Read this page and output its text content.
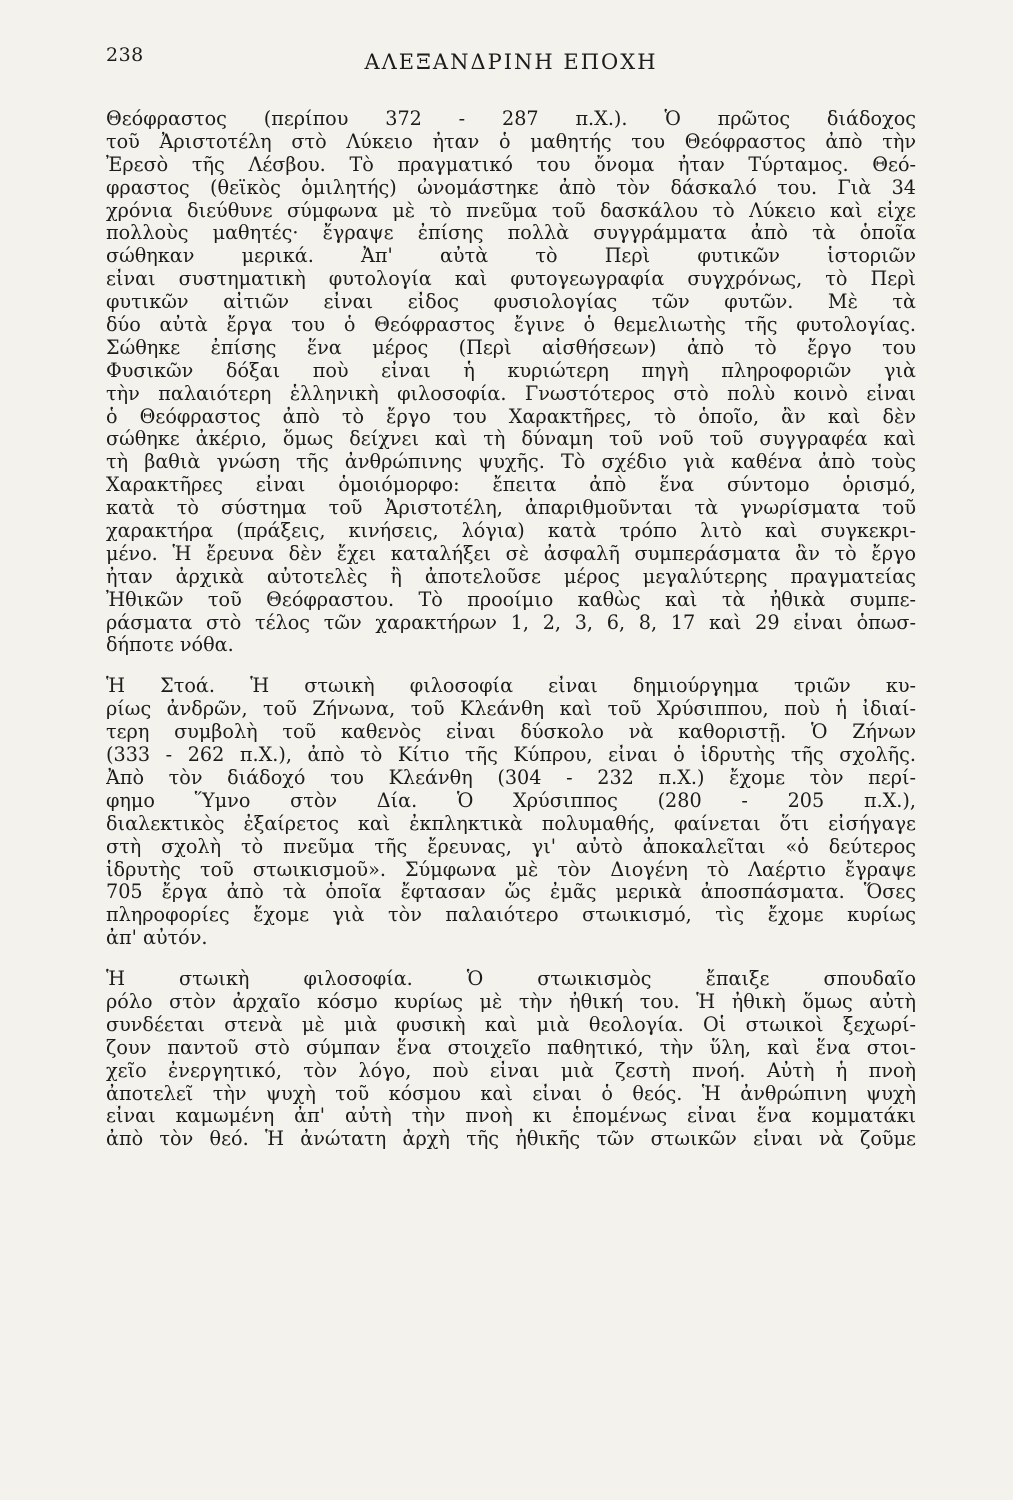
238	ΑΛΕΞΑΝΔΡΙΝΗ ΕΠΟΧΗ
Θεόφραστος (περίπου 372 - 287 π.Χ.). Ὁ πρῶτος διάδοχος
τοῦ Ἀριστοτέλη στὸ Λύκειο ἦταν ὁ μαθητής του Θεόφραστος ἀπὸ τὴν
Ἐρεσὸ τῆς Λέσβου. Τὸ πραγματικό του ὄνομα ἦταν Τύρταμος. Θεό-
φραστος (θεϊκὸς ὁμιλητής) ὠνομάστηκε ἀπὸ τὸν δάσκαλό του. Γιὰ 34
χρόνια διεύθυνε σύμφωνα μὲ τὸ πνεῦμα τοῦ δασκάλου τὸ Λύκειο καὶ εἶχε
πολλοὺς μαθητές· ἔγραψε ἐπίσης πολλὰ συγγράμματα ἀπὸ τὰ ὁποῖα
σώθηκαν μερικά. Ἀπ' αὐτὰ τὸ Περὶ φυτικῶν ἱστοριῶν
εἶναι συστηματικὴ φυτολογία καὶ φυτογεωγραφία συγχρόνως, τὸ Περὶ
φυτικῶν αἰτιῶν εἶναι εἶδος φυσιολογίας τῶν φυτῶν. Μὲ τὰ
δύο αὐτὰ ἔργα του ὁ Θεόφραστος ἔγινε ὁ θεμελιωτὴς τῆς φυτολογίας.
Σώθηκε ἐπίσης ἕνα μέρος (Περὶ αἰσθήσεων) ἀπὸ τὸ ἔργο του
Φυσικῶν δόξαι ποὺ εἶναι ἡ κυριώτερη πηγὴ πληροφοριῶν γιὰ
τὴν παλαιότερη ἑλληνικὴ φιλοσοφία. Γνωστότερος στὸ πολὺ κοινὸ εἶναι
ὁ Θεόφραστος ἀπὸ τὸ ἔργο του Χαρακτῆρες, τὸ ὁποῖο, ἂν καὶ δὲν
σώθηκε ἀκέριο, ὅμως δείχνει καὶ τὴ δύναμη τοῦ νοῦ τοῦ συγγραφέα καὶ
τὴ βαθιὰ γνώση τῆς ἀνθρώπινης ψυχῆς. Τὸ σχέδιο γιὰ καθένα ἀπὸ τοὺς
Χαρακτῆρες εἶναι ὁμοιόμορφο: ἔπειτα ἀπὸ ἕνα σύντομο ὁρισμό,
κατὰ τὸ σύστημα τοῦ Ἀριστοτέλη, ἀπαριθμοῦνται τὰ γνωρίσματα τοῦ
χαρακτήρα (πράξεις, κινήσεις, λόγια) κατὰ τρόπο λιτὸ καὶ συγκεκρι-
μένο. Ἡ ἔρευνα δὲν ἔχει καταλήξει σὲ ἀσφαλῆ συμπεράσματα ἂν τὸ ἔργο
ἦταν ἀρχικὰ αὐτοτελὲς ἢ ἀποτελοῦσε μέρος μεγαλύτερης πραγματείας
Ἠθικῶν τοῦ Θεόφραστου. Τὸ προοίμιο καθὼς καὶ τὰ ἠθικὰ συμπε-
ράσματα στὸ τέλος τῶν χαρακτήρων 1, 2, 3, 6, 8, 17 καὶ 29 εἶναι ὁπωσ-
δήποτε νόθα.
Ἡ Στοά. Ἡ στωικὴ φιλοσοφία εἶναι δημιούργημα τριῶν κυ-
ρίως ἀνδρῶν, τοῦ Ζήνωνα, τοῦ Κλεάνθη καὶ τοῦ Χρύσιππου, ποὺ ἡ ἰδιαί-
τερη συμβολὴ τοῦ καθενὸς εἶναι δύσκολο νὰ καθοριστῇ. Ὁ Ζήνων
(333 - 262 π.Χ.), ἀπὸ τὸ Κίτιο τῆς Κύπρου, εἶναι ὁ ἱδρυτὴς τῆς σχολῆς.
Ἀπὸ τὸν διάδοχό του Κλεάνθη (304 - 232 π.Χ.) ἔχομε τὸν περί-
φημο Ὕμνο στὸν Δία. Ὁ Χρύσιππος (280 - 205 π.Χ.),
διαλεκτικὸς ἐξαίρετος καὶ ἐκπληκτικὰ πολυμαθής, φαίνεται ὅτι εἰσήγαγε
στὴ σχολὴ τὸ πνεῦμα τῆς ἔρευνας, γι' αὐτὸ ἀποκαλεῖται «ὁ δεύτερος
ἱδρυτὴς τοῦ στωικισμοῦ». Σύμφωνα μὲ τὸν Διογένη τὸ Λαέρτιο ἔγραψε
705 ἔργα ἀπὸ τὰ ὁποῖα ἔφτασαν ὥς ἐμᾶς μερικὰ ἀποσπάσματα. Ὅσες
πληροφορίες ἔχομε γιὰ τὸν παλαιότερο στωικισμό, τὶς ἔχομε κυρίως
ἀπ' αὐτόν.
Ἡ στωικὴ φιλοσοφία. Ὁ στωικισμὸς ἔπαιξε σπουδαῖο
ρόλο στὸν ἀρχαῖο κόσμο κυρίως μὲ τὴν ἠθική του. Ἡ ἠθικὴ ὅμως αὐτὴ
συνδέεται στενὰ μὲ μιὰ φυσικὴ καὶ μιὰ θεολογία. Οἱ στωικοὶ ξεχωρί-
ζουν παντοῦ στὸ σύμπαν ἕνα στοιχεῖο παθητικό, τὴν ὕλη, καὶ ἕνα στοι-
χεῖο ἐνεργητικό, τὸν λόγο, ποὺ εἶναι μιὰ ζεστὴ πνοή. Αὐτὴ ἡ πνοὴ
ἀποτελεῖ τὴν ψυχὴ τοῦ κόσμου καὶ εἶναι ὁ θεός. Ἡ ἀνθρώπινη ψυχὴ
εἶναι καμωμένη ἀπ' αὐτὴ τὴν πνοὴ κι ἑπομένως εἶναι ἕνα κομματάκι
ἀπὸ τὸν θεό. Ἡ ἀνώτατη ἀρχὴ τῆς ἠθικῆς τῶν στωικῶν εἶναι νὰ ζοῦμε
